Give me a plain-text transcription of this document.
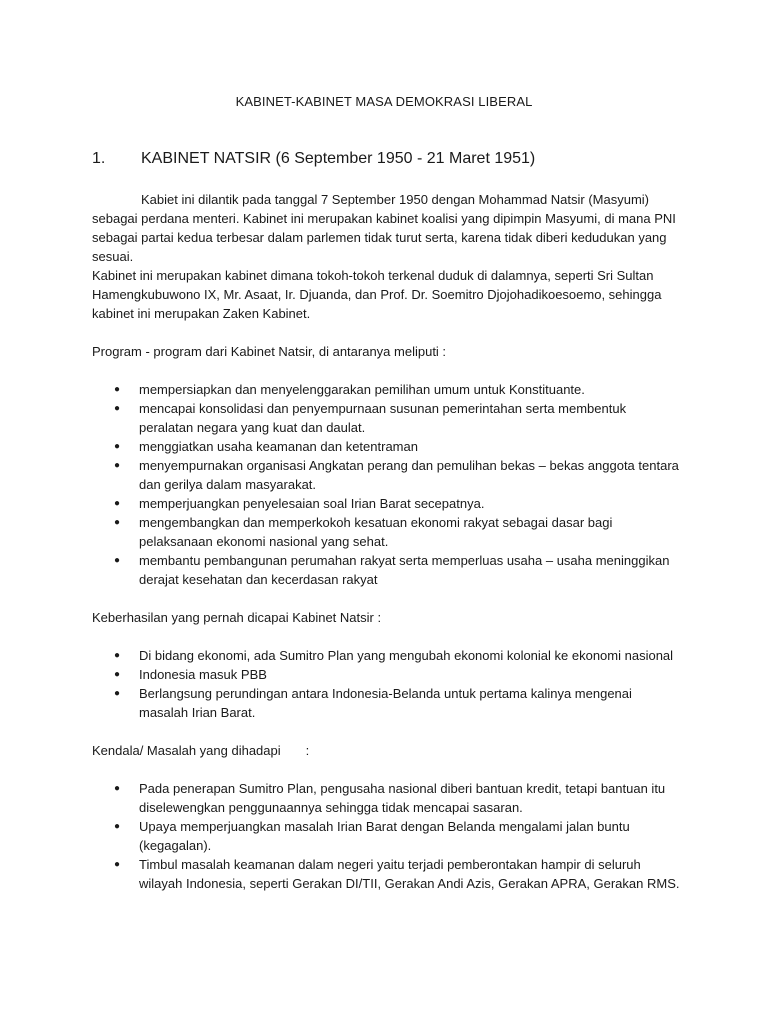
KABINET-KABINET MASA DEMOKRASI LIBERAL
1.	KABINET NATSIR (6 September 1950 - 21 Maret 1951)

Kabiet ini dilantik pada tanggal 7 September 1950 dengan Mohammad Natsir (Masyumi) sebagai perdana menteri. Kabinet ini merupakan kabinet koalisi yang dipimpin Masyumi, di mana PNI sebagai partai kedua terbesar dalam parlemen tidak turut serta, karena tidak diberi kedudukan yang sesuai.

Kabinet ini merupakan kabinet dimana tokoh-tokoh terkenal duduk di dalamnya, seperti Sri Sultan Hamengkubuwono IX, Mr. Asaat, Ir. Djuanda, dan Prof. Dr. Soemitro Djojohadikoesoemo, sehingga kabinet ini merupakan Zaken Kabinet.

Program - program dari Kabinet Natsir, di antaranya meliputi :

● mempersiapkan dan menyelenggarakan pemilihan umum untuk Konstituante.
● mencapai konsolidasi dan penyempurnaan susunan pemerintahan serta membentuk peralatan negara yang kuat dan daulat.
● menggiatkan usaha keamanan dan ketentraman
● menyempurnakan organisasi Angkatan perang dan pemulihan bekas – bekas anggota tentara dan gerilya dalam masyarakat.
● memperjuangkan penyelesaian soal Irian Barat secepatnya.
● mengembangkan dan memperkokoh kesatuan ekonomi rakyat sebagai dasar bagi pelaksanaan ekonomi nasional yang sehat.
● membantu pembangunan perumahan rakyat serta memperluas usaha – usaha meninggikan derajat kesehatan dan kecerdasan rakyat

Keberhasilan yang pernah dicapai Kabinet Natsir :

● Di bidang ekonomi, ada Sumitro Plan yang mengubah ekonomi kolonial ke ekonomi nasional
● Indonesia masuk PBB
● Berlangsung perundingan antara Indonesia-Belanda untuk pertama kalinya mengenai masalah Irian Barat.

Kendala/ Masalah yang dihadapi :

● Pada penerapan Sumitro Plan, pengusaha nasional diberi bantuan kredit, tetapi bantuan itu diselewengkan penggunaannya sehingga tidak mencapai sasaran.
● Upaya memperjuangkan masalah Irian Barat dengan Belanda mengalami jalan buntu (kegagalan).
● Timbul masalah keamanan dalam negeri yaitu terjadi pemberontakan hampir di seluruh wilayah Indonesia, seperti Gerakan DI/TII, Gerakan Andi Azis, Gerakan APRA, Gerakan RMS.
